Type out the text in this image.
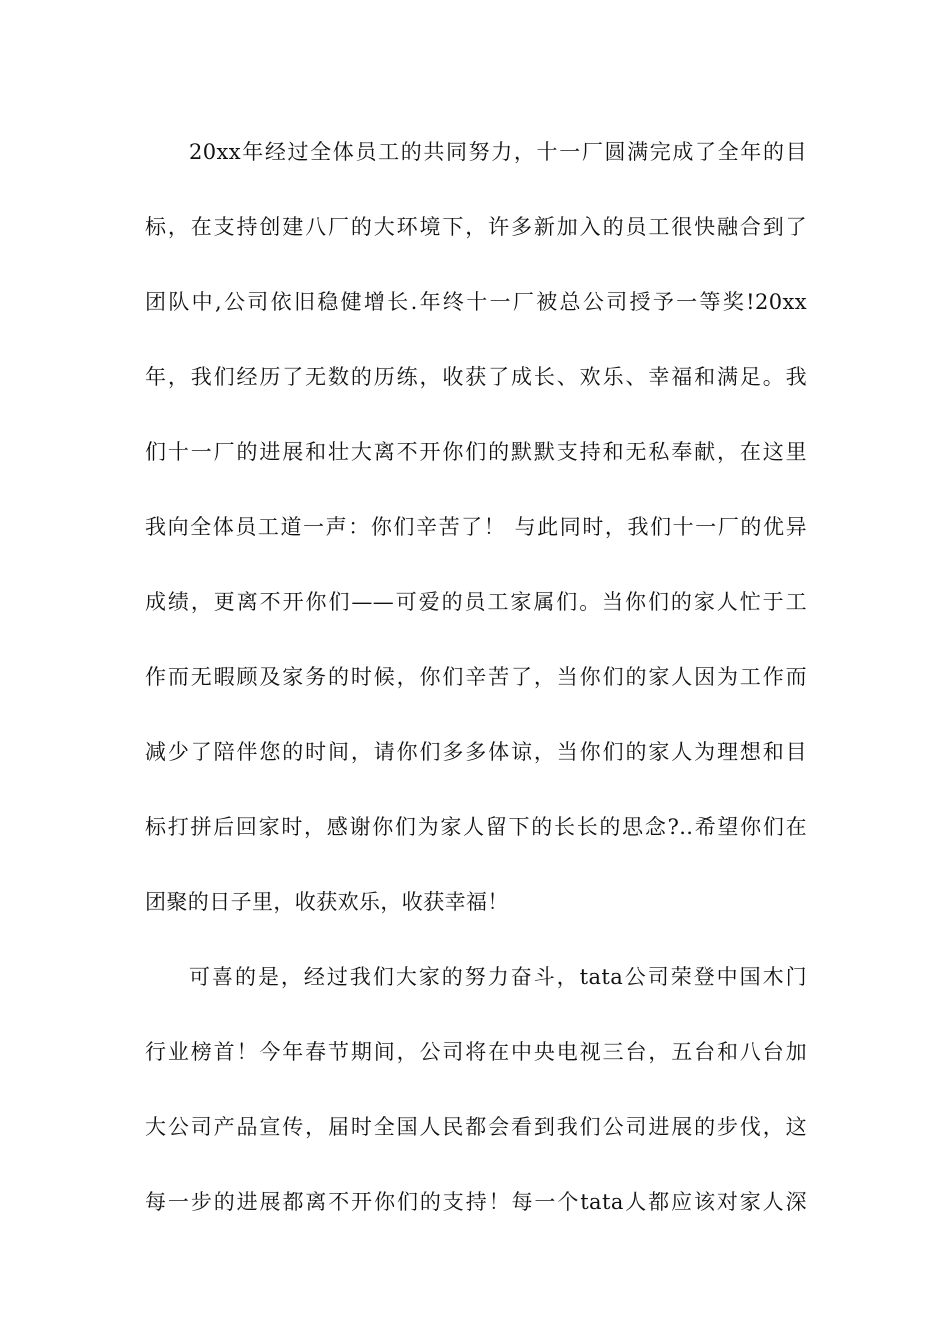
20xx年经过全体员工的共同努力，十一厂圆满完成了全年的目
标，在支持创建八厂的大环境下，许多新加入的员工很快融合到了
团队中,公司依旧稳健增长.年终十一厂被总公司授予一等奖!20xx
年，我们经历了无数的历练，收获了成长、欢乐、幸福和满足。我
们十一厂的进展和壮大离不开你们的默默支持和无私奉献，在这里
我向全体员工道一声：你们辛苦了！ 与此同时，我们十一厂的优异
成绩，更离不开你们——可爱的员工家属们。当你们的家人忙于工
作而无暇顾及家务的时候，你们辛苦了，当你们的家人因为工作而
减少了陪伴您的时间，请你们多多体谅，当你们的家人为理想和目
标打拼后回家时，感谢你们为家人留下的长长的思念?..希望你们在
团聚的日子里，收获欢乐，收获幸福！
可喜的是，经过我们大家的努力奋斗，tata公司荣登中国木门
行业榜首！今年春节期间，公司将在中央电视三台，五台和八台加
大公司产品宣传，届时全国人民都会看到我们公司进展的步伐，这
每一步的进展都离不开你们的支持！每一个tata人都应该对家人深
